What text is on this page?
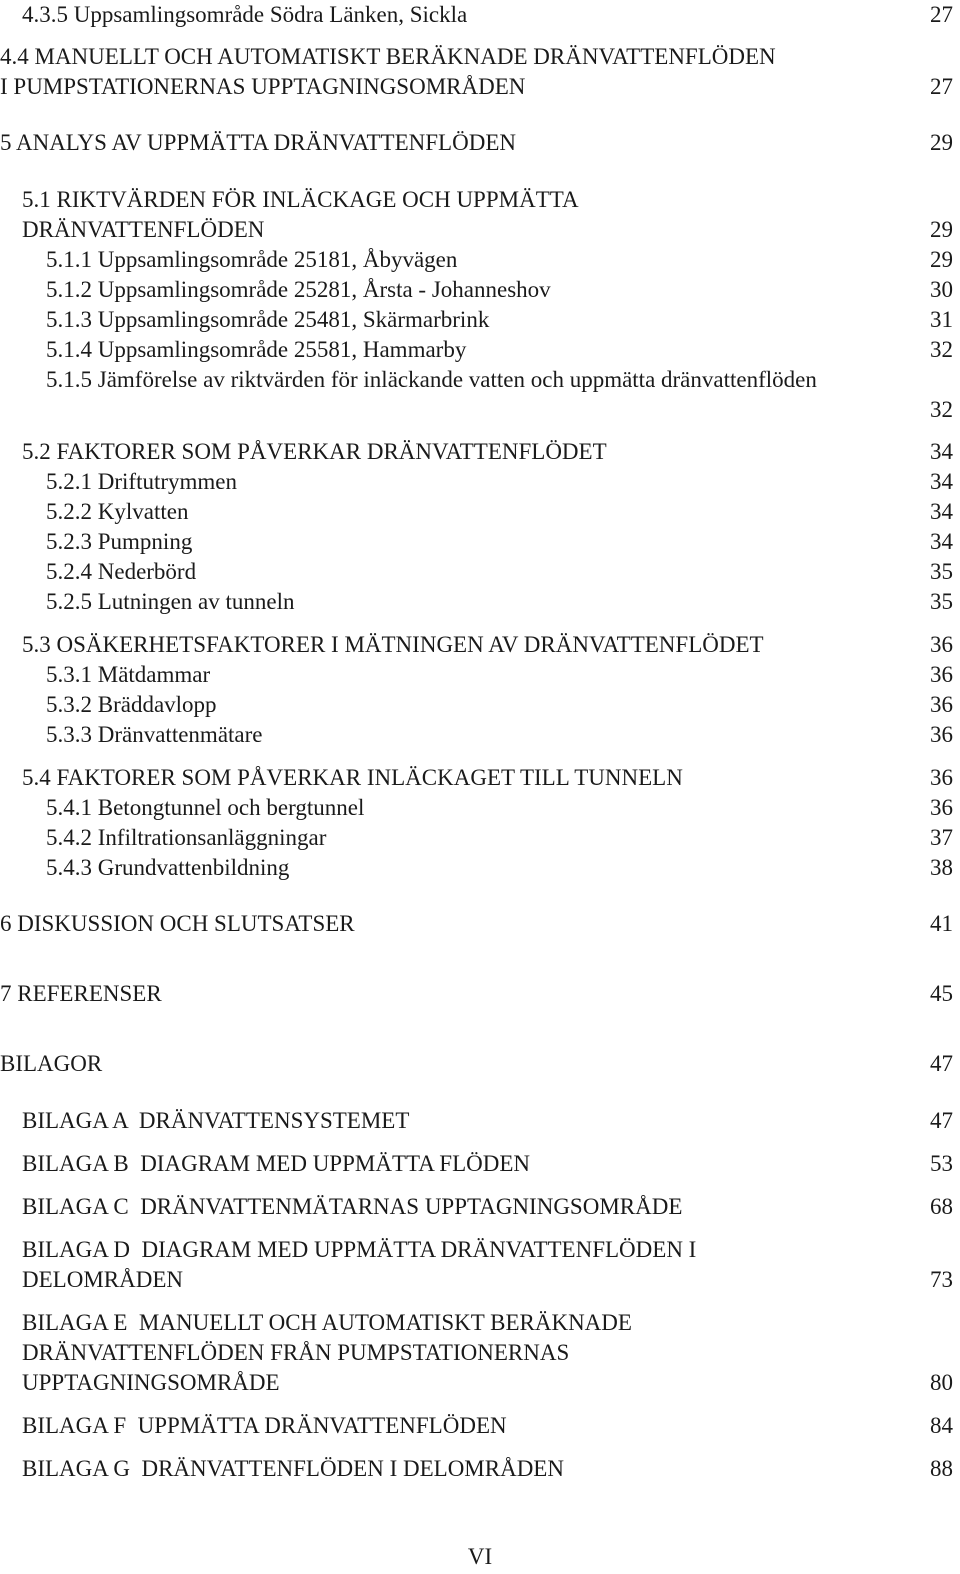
4.3.5 Uppsamlingsområde Södra Länken, Sickla	27
4.4 MANUELLT OCH AUTOMATISKT BERÄKNADE DRÄNVATTENFLÖDEN
I PUMPSTATIONERNAS UPPTAGNINGSOMRÅDEN	27
5 ANALYS AV UPPMÄTTA DRÄNVATTENFLÖDEN	29
5.1 RIKTVÄRDEN FÖR INLÄCKAGE OCH UPPMÄTTA
DRÄNVATTENFLÖDEN	29
5.1.1 Uppsamlingsområde 25181, Åbyvägen	29
5.1.2 Uppsamlingsområde 25281, Årsta - Johanneshov	30
5.1.3 Uppsamlingsområde 25481, Skärmarbrink	31
5.1.4 Uppsamlingsområde 25581, Hammarby	32
5.1.5 Jämförelse av riktvärden för inläckande vatten och uppmätta dränvattenflöden
32
5.2 FAKTORER SOM PÅVERKAR DRÄNVATTENFLÖDET	34
5.2.1 Driftutrymmen	34
5.2.2 Kylvatten	34
5.2.3 Pumpning	34
5.2.4 Nederbörd	35
5.2.5 Lutningen av tunneln	35
5.3 OSÄKERHETSFAKTORER I MÄTNINGEN AV DRÄNVATTENFLÖDET	36
5.3.1 Mätdammar	36
5.3.2 Bräddavlopp	36
5.3.3 Dränvattenmätare	36
5.4 FAKTORER SOM PÅVERKAR INLÄCKAGET TILL TUNNELN	36
5.4.1 Betongtunnel och bergtunnel	36
5.4.2 Infiltrationsanläggningar	37
5.4.3 Grundvattenbildning	38
6 DISKUSSION OCH SLUTSATSER	41
7 REFERENSER	45
BILAGOR	47
BILAGA A  DRÄNVATTENSYSTEMET	47
BILAGA B  DIAGRAM MED UPPMÄTTA FLÖDEN	53
BILAGA C  DRÄNVATTENMÄTARNAS UPPTAGNINGSOMRÅDE	68
BILAGA D  DIAGRAM MED UPPMÄTTA DRÄNVATTENFLÖDEN I
DELOMRÅDEN	73
BILAGA E  MANUELLT OCH AUTOMATISKT BERÄKNADE
DRÄNVATTENFLÖDEN FRÅN PUMPSTATIONERNAS
UPPTAGNINGSOMRÅDE	80
BILAGA F  UPPMÄTTA DRÄNVATTENFLÖDEN	84
BILAGA G  DRÄNVATTENFLÖDEN I DELOMRÅDEN	88
VI
